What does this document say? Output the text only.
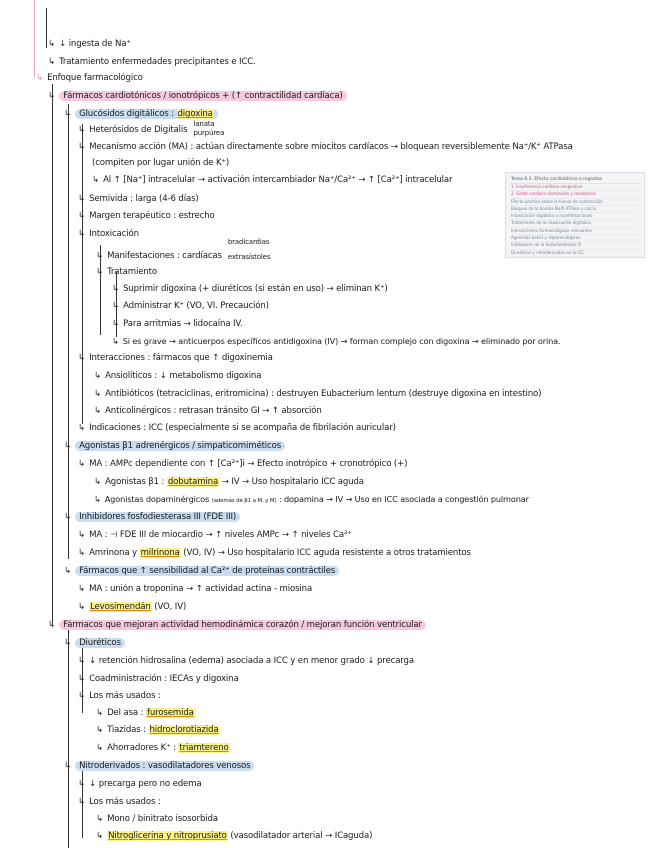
↳ ↓ ingesta de Na⁺
↳ Tratamiento enfermedades precipitantes e ICC.
↳ Enfoque farmacológico
↳ Fármacos cardiotónicos / ionotrópicos + (↑ contractilidad cardíaca)
↳ Glucósidos digitálicos : digoxina
↳ Heterósidos de Digitalis
lanata
purpúrea
↳ Mecanismo acción (MA) : actúan directamente sobre miocitos cardíacos → bloquean reversiblemente Na⁺/K⁺ ATPasa
(compiten por lugar unión de K⁺)
↳ Al ↑ [Na⁺] intracelular → activación intercambiador Na⁺/Ca²⁺ → ↑ [Ca²⁺] intracelular
↳ Semivida : larga (4-6 días)
↳ Margen terapéutico : estrecho
↳ Intoxicación
↳ Manifestaciones : cardíacas
bradicardias
extrasístoles
↳ Tratamiento
↳ Suprimir digoxina (+ diuréticos (si están en uso) → eliminan K⁺)
↳ Administrar K⁺ (VO, VI. Precaución)
↳ Para arritmias → lidocaína IV.
↳ Si es grave → anticuerpos específicos antidigoxina (IV) → forman complejo con digoxina → eliminado por orina.
↳ Interacciones : fármacos que ↑ digoxinemia
↳ Ansiolíticos : ↓ metabolismo digoxina
↳ Antibióticos (tetraciclinas, eritromicina) : destruyen Eubacterium lentum (destruye digoxina en intestino)
↳ Anticolinérgicos : retrasan tránsito GI → ↑ absorción
↳ Indicaciones : ICC (especialmente si se acompaña de fibrilación auricular)
↳ Agonistas β1 adrenérgicos / simpaticomiméticos
↳ MA : AMPc dependiente con ↑ [Ca²⁺]i → Efecto inotrópico + cronotrópico (+)
↳ Agonistas β1 : dobutamina → IV → Uso hospitalario ICC aguda
↳ Agonistas dopaminérgicos (además de β1 a M, y M) : dopamina → IV → Uso en ICC asociada a congestión pulmonar
↳ Inhibidores fosfodiesterasa III (FDE III)
↳ MA : ⊣ FDE III de miocardio → ↑ niveles AMPc → ↑ niveles Ca²⁺
↳ Amrinona y milrinona (VO, IV) → Uso hospitalario ICC aguda resistente a otros tratamientos
↳ Fármacos que ↑ sensibilidad al Ca²⁺ de proteínas contráctiles
↳ MA : unión a troponina → ↑ actividad actina - miosina
↳ Levosimendán (VO, IV)
↳ Fármacos que mejoran actividad hemodinámica corazón / mejoran función ventricular
↳ Diuréticos
↳ ↓ retención hidrosalina (edema) asociada a ICC y en menor grado ↓ precarga
↳ Coadministración : IECAs y digoxina
↳ Los más usados :
↳ Del asa : furosemida
↳ Tiazidas : hidroclorotiazida
↳ Ahorradores K⁺ : triamtereno
↳ Nitroderivados : vasodilatadores venosos
↳ ↓ precarga pero no edema
↳ Los más usados :
↳ Mono / binitrato isosorbida
↳ Nitroglicerina y nitroprusiato (vasodilatador arterial → ICaguda)
Tema 6.1. Efecto cardiotónico e ingestas
1. Insuficiencia cardíaca congestiva
2. Gasto cardíaco disminuido y resistencia
Efecto positivo sobre la fuerza de contracción
Bloqueo de la bomba Na/K ATPasa y calcio
Intoxicación digitálica y manifestaciones
Tratamiento de la intoxicación digitálica
Interacciones farmacológicas relevantes
Agonistas beta1 y dopaminérgicos
Inhibidores de la fosfodiesterasa III
Diuréticos y nitroderivados en la ICC
